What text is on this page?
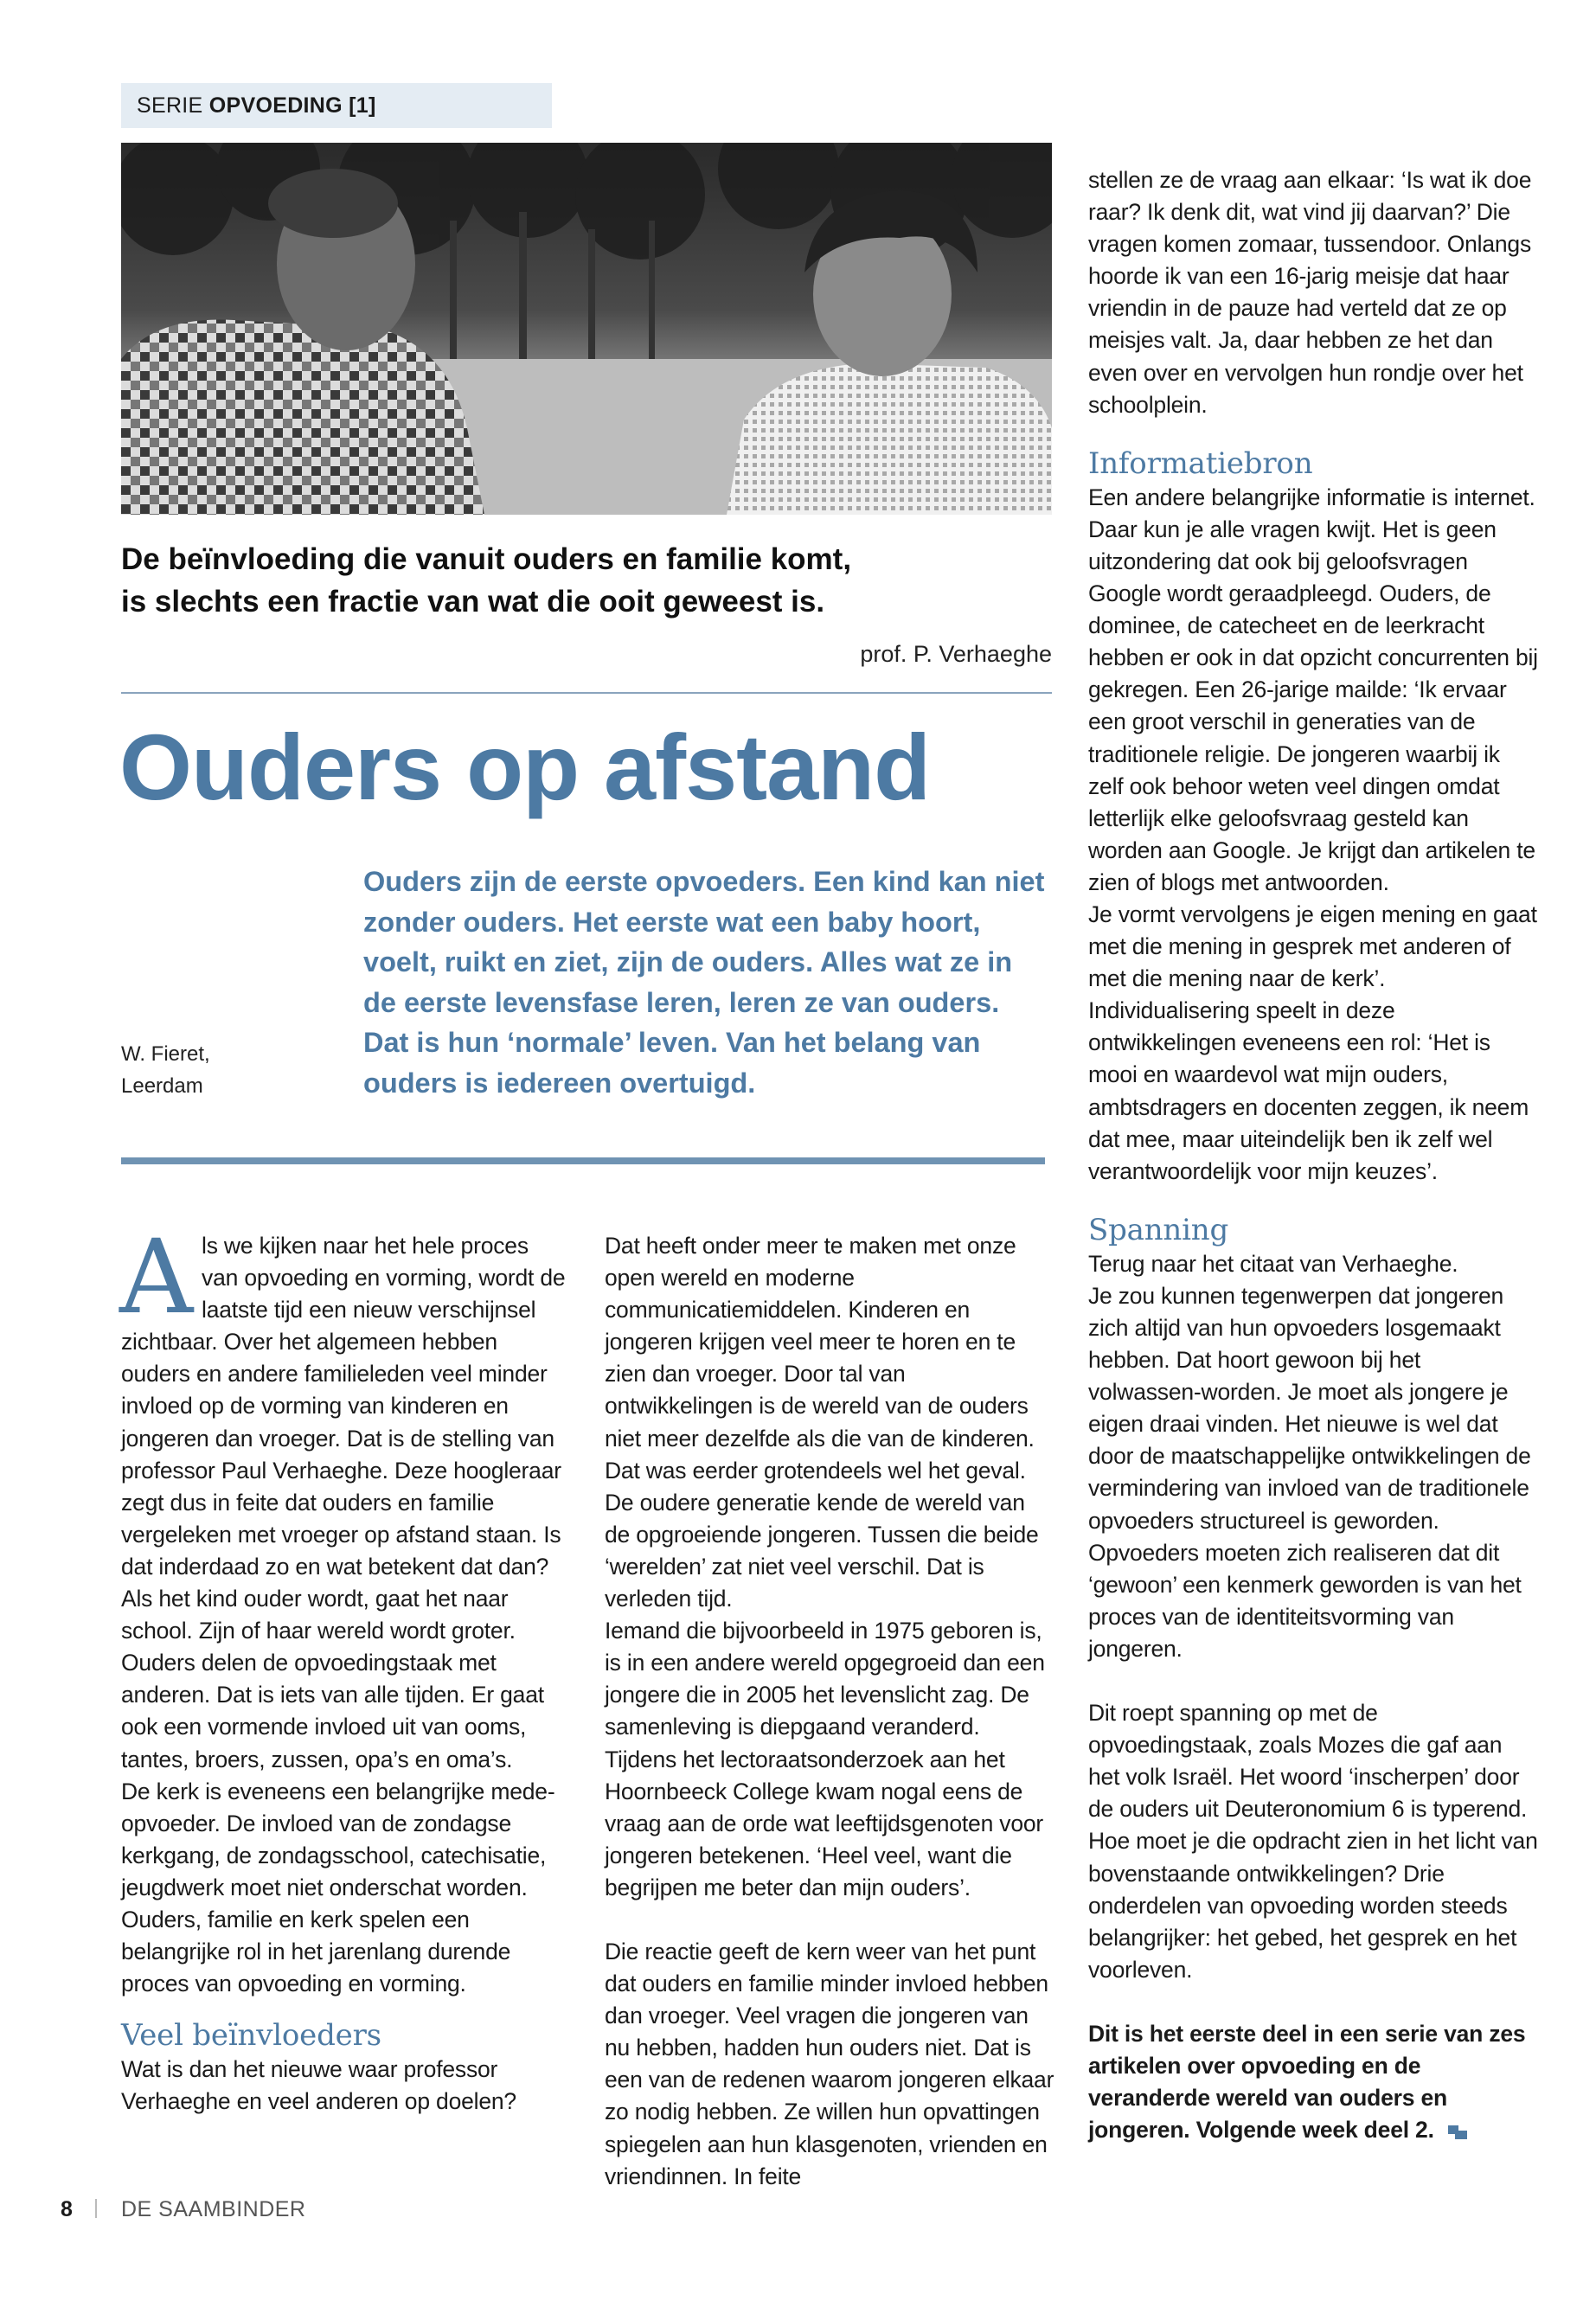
SERIE OPVOEDING [1]
De beïnvloeding die vanuit ouders en familie komt,
is slechts een fractie van wat die ooit geweest is.
prof. P. Verhaeghe
Ouders op afstand
Ouders zijn de eerste opvoeders. Een kind kan niet zonder ouders. Het eerste wat een baby hoort, voelt, ruikt en ziet, zijn de ouders. Alles wat ze in de eerste levensfase leren, leren ze van ouders. Dat is hun ‘normale’ leven. Van het belang van ouders is iedereen overtuigd.
W. Fieret,
Leerdam

Als we kijken naar het hele proces van opvoeding en vorming, wordt de laatste tijd een nieuw verschijnsel zichtbaar. Over het algemeen hebben ouders en andere familieleden veel minder invloed op de vorming van kinderen en jongeren dan vroeger. Dat is de stelling van professor Paul Verhaeghe. Deze hoogleraar zegt dus in feite dat ouders en familie vergeleken met vroeger op afstand staan. Is dat inderdaad zo en wat betekent dat dan?

Als het kind ouder wordt, gaat het naar school. Zijn of haar wereld wordt groter. Ouders delen de opvoedingstaak met anderen. Dat is iets van alle tijden. Er gaat ook een vormende invloed uit van ooms, tantes, broers, zussen, opa’s en oma’s.

De kerk is eveneens een belangrijke mede-opvoeder. De invloed van de zondagse kerkgang, de zondagsschool, catechisatie, jeugdwerk moet niet onderschat worden. Ouders, familie en kerk spelen een belangrijke rol in het jarenlang durende proces van opvoeding en vorming.

Veel beïnvloeders

Wat is dan het nieuwe waar professor Verhaeghe en veel anderen op doelen?

Dat heeft onder meer te maken met onze open wereld en moderne communicatiemiddelen. Kinderen en jongeren krijgen veel meer te horen en te zien dan vroeger. Door tal van ontwikkelingen is de wereld van de ouders niet meer dezelfde als die van de kinderen. Dat was eerder grotendeels wel het geval. De oudere generatie kende de wereld van de opgroeiende jongeren. Tussen die beide ‘werelden’ zat niet veel verschil. Dat is verleden tijd.

Iemand die bijvoorbeeld in 1975 geboren is, is in een andere wereld opgegroeid dan een jongere die in 2005 het levenslicht zag. De samenleving is diepgaand veranderd. Tijdens het lectoraatsonderzoek aan het Hoornbeeck College kwam nogal eens de vraag aan de orde wat leeftijdsgenoten voor jongeren betekenen. ‘Heel veel, want die begrijpen me beter dan mijn ouders’.

Die reactie geeft de kern weer van het punt dat ouders en familie minder invloed hebben dan vroeger. Veel vragen die jongeren van nu hebben, hadden hun ouders niet. Dat is een van de redenen waarom jongeren elkaar zo nodig hebben. Ze willen hun opvattingen spiegelen aan hun klasgenoten, vrienden en vriendinnen. In feite

stellen ze de vraag aan elkaar: ‘Is wat ik doe raar? Ik denk dit, wat vind jij daarvan?’ Die vragen komen zomaar, tussendoor. Onlangs hoorde ik van een 16-jarig meisje dat haar vriendin in de pauze had verteld dat ze op meisjes valt. Ja, daar hebben ze het dan even over en vervolgen hun rondje over het schoolplein.

Informatiebron

Een andere belangrijke informatie is internet. Daar kun je alle vragen kwijt. Het is geen uitzondering dat ook bij geloofsvragen Google wordt geraadpleegd. Ouders, de dominee, de catecheet en de leerkracht hebben er ook in dat opzicht concurrenten bij gekregen. Een 26-jarige mailde: ‘Ik ervaar een groot verschil in generaties van de traditionele religie. De jongeren waarbij ik zelf ook behoor weten veel dingen omdat letterlijk elke geloofsvraag gesteld kan worden aan Google. Je krijgt dan artikelen te zien of blogs met antwoorden.

Je vormt vervolgens je eigen mening en gaat met die mening in gesprek met anderen of met die mening naar de kerk’.

Individualisering speelt in deze ontwikkelingen eveneens een rol: ‘Het is mooi en waardevol wat mijn ouders, ambtsdragers en docenten zeggen, ik neem dat mee, maar uiteindelijk ben ik zelf wel verantwoordelijk voor mijn keuzes’.

Spanning

Terug naar het citaat van Verhaeghe.

Je zou kunnen tegenwerpen dat jongeren zich altijd van hun opvoeders losgemaakt hebben. Dat hoort gewoon bij het volwassen-worden. Je moet als jongere je eigen draai vinden. Het nieuwe is wel dat door de maatschappelijke ontwikkelingen de vermindering van invloed van de traditionele opvoeders structureel is geworden. Opvoeders moeten zich realiseren dat dit ‘gewoon’ een kenmerk geworden is van het proces van de identiteitsvorming van jongeren.

Dit roept spanning op met de opvoedingstaak, zoals Mozes die gaf aan het volk Israël. Het woord ‘inscherpen’ door de ouders uit Deuteronomium 6 is typerend. Hoe moet je die opdracht zien in het licht van bovenstaande ontwikkelingen? Drie onderdelen van opvoeding worden steeds belangrijker: het gebed, het gesprek en het voorleven.

Dit is het eerste deel in een serie van zes artikelen over opvoeding en de veranderde wereld van ouders en jongeren. Volgende week deel 2.

8 DE SAAMBINDER
